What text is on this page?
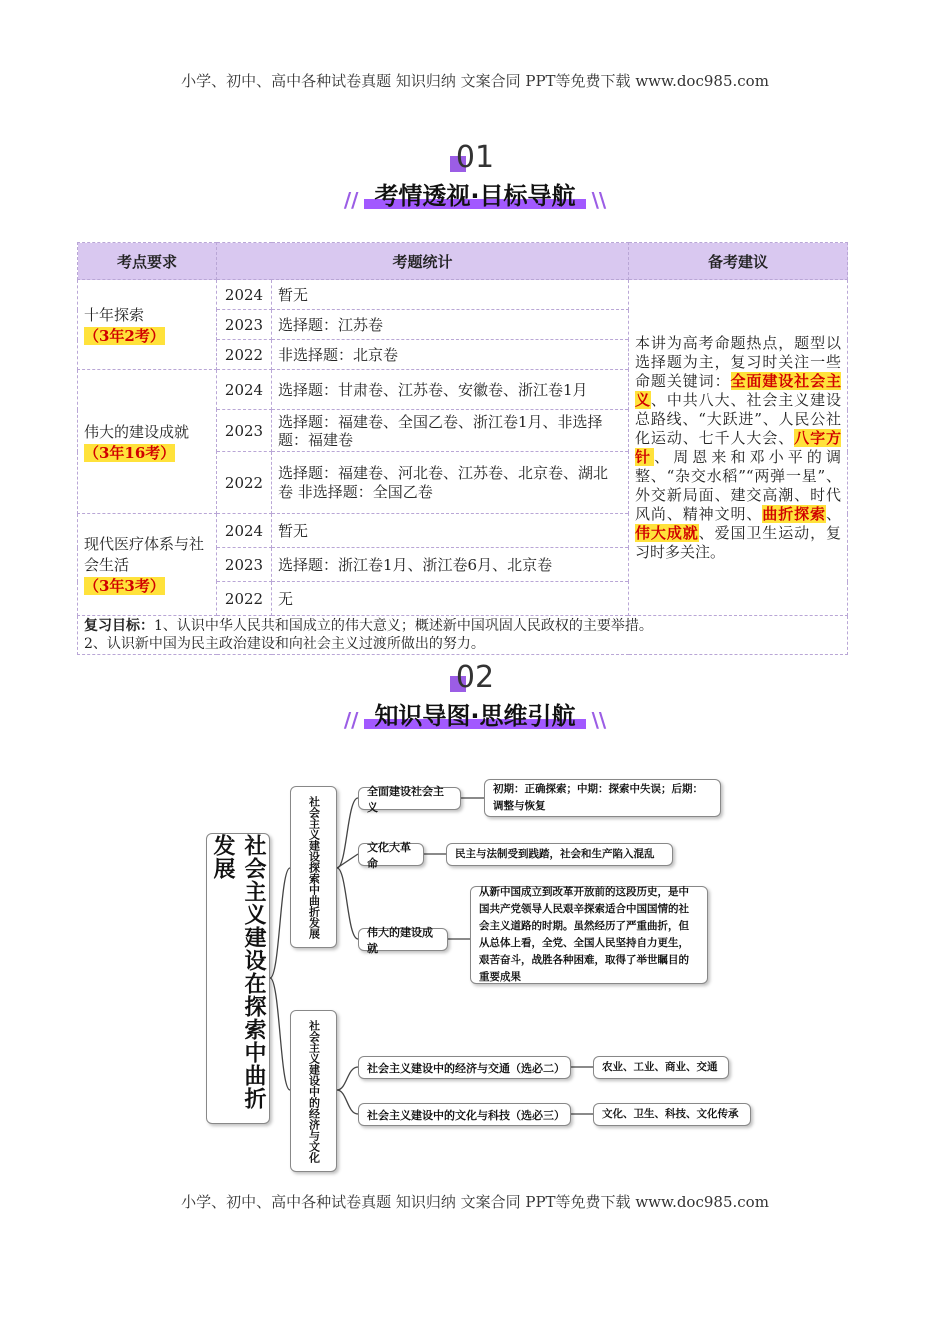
小学、初中、高中各种试卷真题 知识归纳 文案合同 PPT等免费下载 www.doc985.com
01
// 考情透视·目标导航 \\
考点要求	考题统计		备考建议

十年探索
（3年2考）	2024	暂无	本讲为高考命题热点，题型以选择题为主，复习时关注一些命题关键词：全面建设社会主义、中共八大、社会主义建设总路线、“大跃进”、人民公社化运动、七千人大会、八字方针、周恩来和邓小平的调整、“杂交水稻”“两弹一星”、外交新局面、建交高潮、时代风尚、精神文明、曲折探索、伟大成就、爱国卫生运动，复习时多关注。
	2023	选择题：江苏卷	
	2022	非选择题：北京卷	

伟大的建设成就
（3年16考）	2024	选择题：甘肃卷、江苏卷、安徽卷、浙江卷1月	
	2023	选择题：福建卷、全国乙卷、浙江卷1月、非选择题：福建卷	
	2022	选择题：福建卷、河北卷、江苏卷、北京卷、湖北卷 非选择题：全国乙卷	

现代医疗体系与社会生活
（3年3考）	2024	暂无	
	2023	选择题：浙江卷1月、浙江卷6月、北京卷	
	2022	无	

复习目标：1、认识中华人民共和国成立的伟大意义；概述新中国巩固人民政权的主要举措。
2、认识新中国为民主政治建设和向社会主义过渡所做出的努力。			
02
// 知识导图·思维引航 \\
社会主义建设在探索中曲折发展	社会主义建设探索中曲折发展
社会主义建设中的经济与文化
全面建设社会主义
初期：正确探索；中期：探索中失误；后期：调整与恢复
文化大革命
民主与法制受到践踏，社会和生产陷入混乱
伟大的建设成就
从新中国成立到改革开放前的这段历史，是中国共产党领导人民艰辛探索适合中国国情的社会主义道路的时期。虽然经历了严重曲折，但从总体上看，全党、全国人民坚持自力更生，艰苦奋斗，战胜各种困难，取得了举世瞩目的重要成果
社会主义建设中的经济与交通（选必二）	农业、工业、商业、交通
社会主义建设中的文化与科技（选必三）	文化、卫生、科技、文化传承
小学、初中、高中各种试卷真题 知识归纳 文案合同 PPT等免费下载 www.doc985.com
